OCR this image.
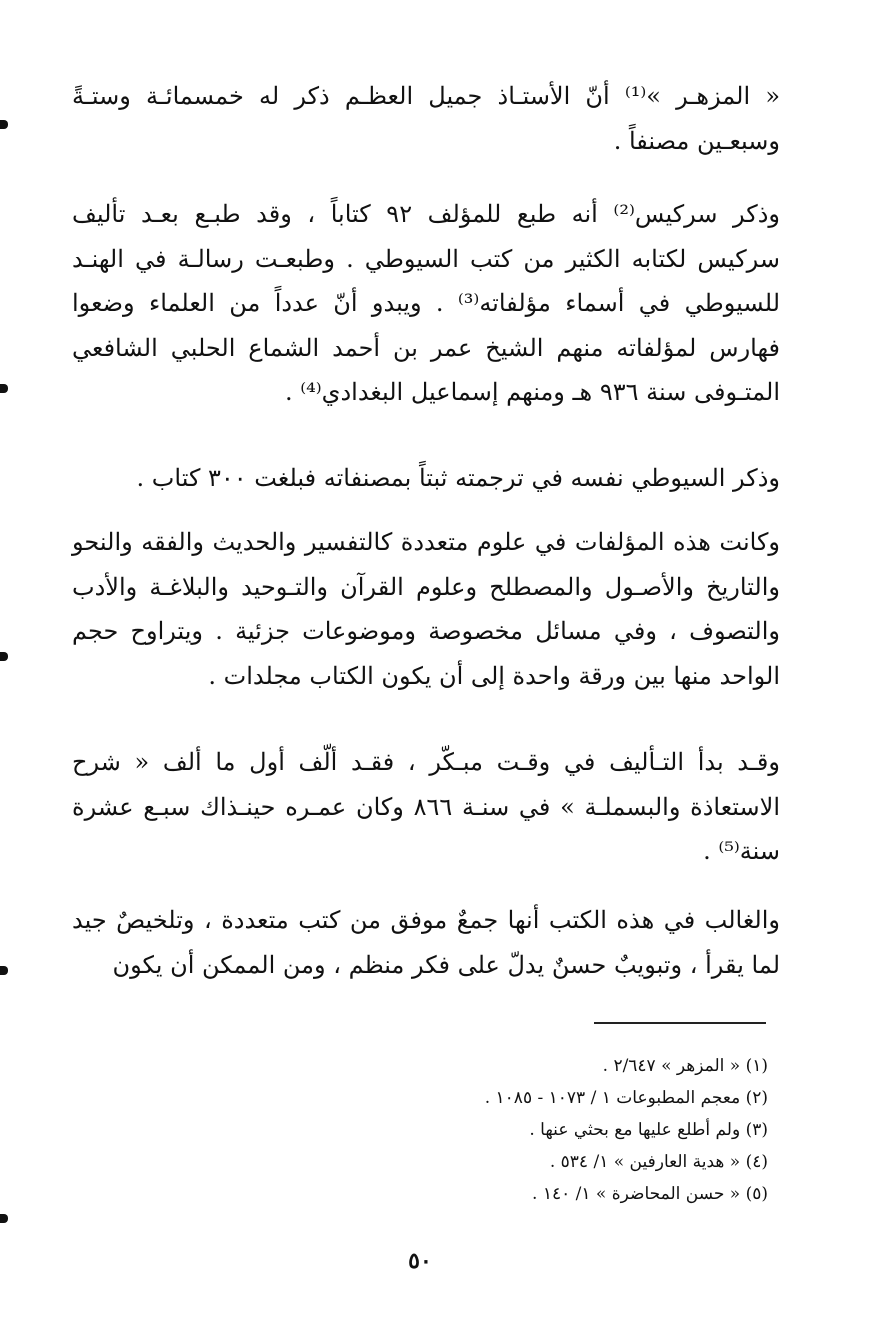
« المزهـر »⁽¹⁾ أنّ الأستـاذ جميل العظـم ذكر له خمسمائـة وستـةً وسبعـين مصنفاً .

وذكر سركيس⁽²⁾ أنه طبع للمؤلف ٩٢ كتاباً ، وقد طبـع بعـد تأليف سركيس لكتابه الكثير من كتب السيوطي . وطبعـت رسالـة في الهنـد للسيوطي في أسماء مؤلفاته⁽³⁾ . ويبدو أنّ عدداً من العلماء وضعوا فهارس لمؤلفاته منهم الشيخ عمر بن أحمد الشماع الحلبي الشافعي المتـوفى سنة ٩٣٦ هـ ومنهم إسماعيل البغدادي⁽⁴⁾ .

وذكر السيوطي نفسه في ترجمته ثبتاً بمصنفاته فبلغت ٣٠٠ كتاب .

وكانت هذه المؤلفات في علوم متعددة كالتفسير والحديث والفقه والنحو والتاريخ والأصـول والمصطلح وعلوم القرآن والتـوحيد والبلاغـة والأدب والتصوف ، وفي مسائل مخصوصة وموضوعات جزئية . ويتراوح حجم الواحد منها بين ورقة واحدة إلى أن يكون الكتاب مجلدات .

وقـد بدأ التـأليف في وقـت مبـكّر ، فقـد ألّف أول ما ألف « شرح الاستعاذة والبسملـة » في سنـة ٨٦٦ وكان عمـره حينـذاك سبـع عشرة سنة⁽⁵⁾ .

والغالب في هذه الكتب أنها جمعٌ موفق من كتب متعددة ، وتلخيصٌ جيد لما يقرأ ، وتبويبٌ حسنٌ يدلّ على فكر منظم ، ومن الممكن أن يكون

(١) « المزهر » ٢/٦٤٧ .
(٢) معجم المطبوعات ١ / ١٠٧٣ - ١٠٨٥ .
(٣) ولم أطلع عليها مع بحثي عنها .
(٤) « هدية العارفين » ١/ ٥٣٤ .
(٥) « حسن المحاضرة » ١/ ١٤٠ .
٥٠
